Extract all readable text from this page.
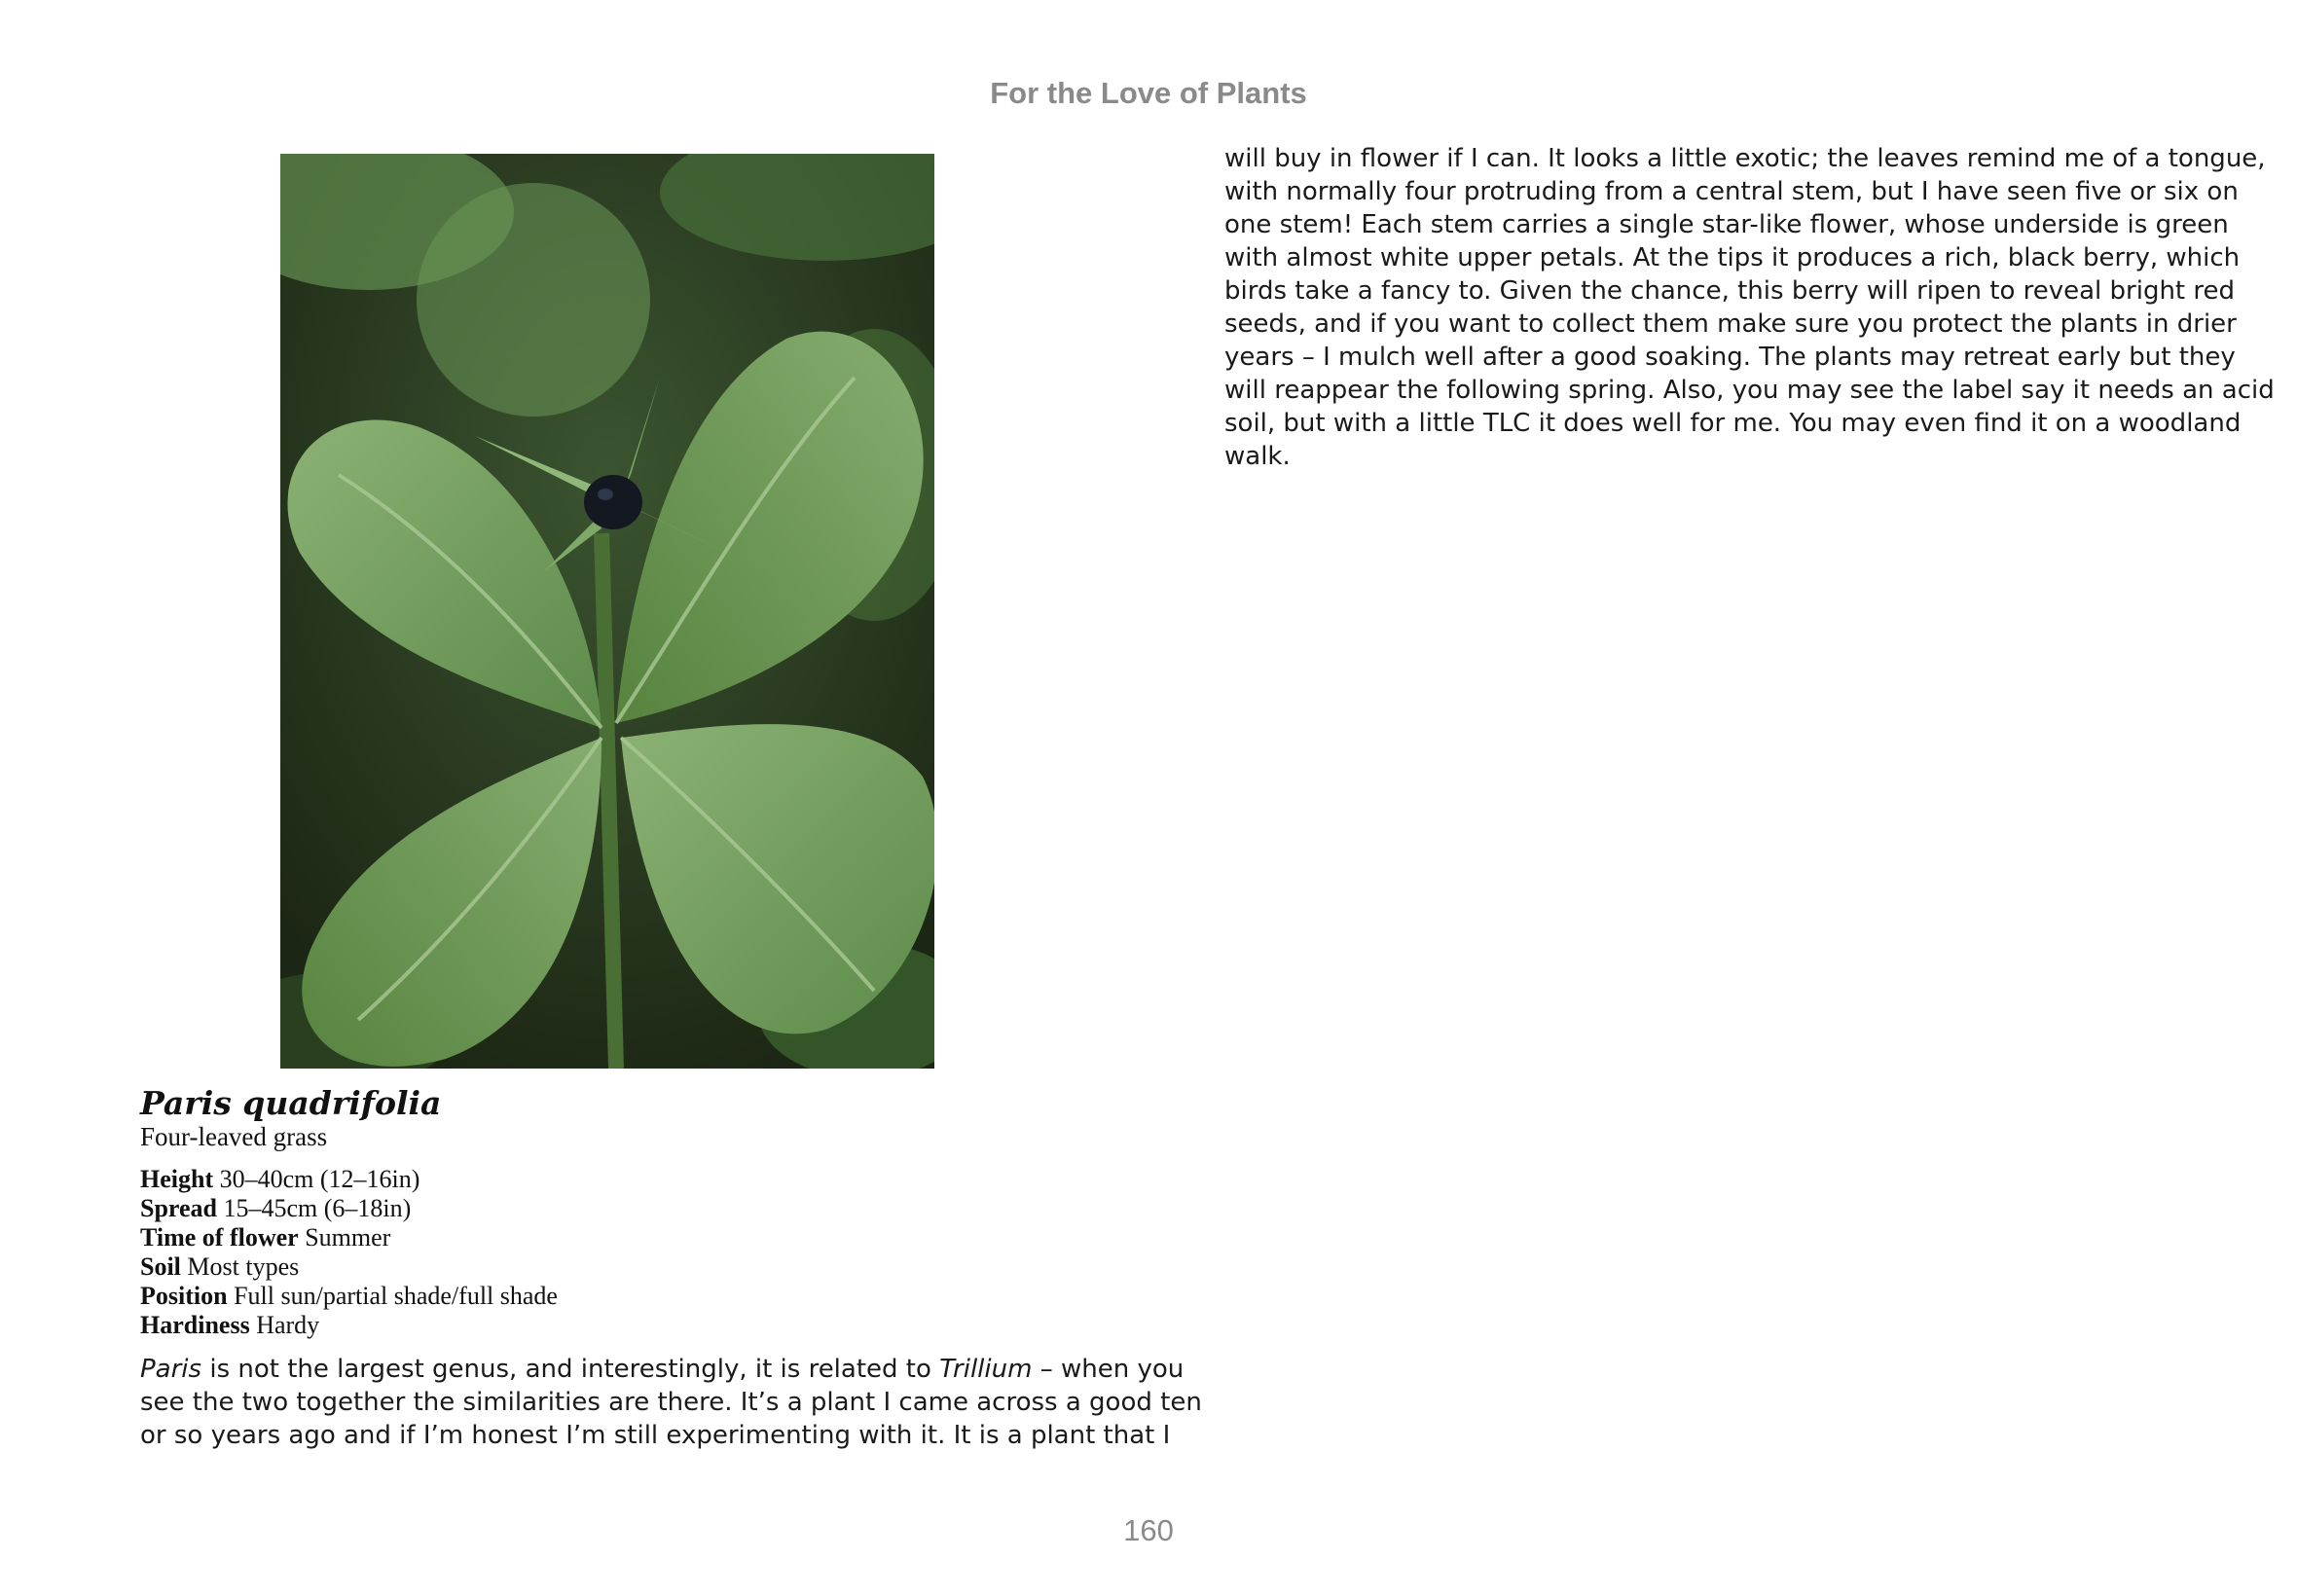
For the Love of Plants
Paris quadrifolia
Four-leaved grass
Height 30–40cm (12–16in)
Spread 15–45cm (6–18in)
Time of flower Summer
Soil Most types
Position Full sun/partial shade/full shade
Hardiness Hardy

Paris is not the largest genus, and interestingly, it is related to Trillium – when you
see the two together the similarities are there. It’s a plant I came across a good ten
or so years ago and if I’m honest I’m still experimenting with it. It is a plant that I

will buy in flower if I can. It looks a little exotic; the leaves remind me of a tongue,
with normally four protruding from a central stem, but I have seen five or six on
one stem! Each stem carries a single star-like flower, whose underside is green
with almost white upper petals. At the tips it produces a rich, black berry, which
birds take a fancy to. Given the chance, this berry will ripen to reveal bright red
seeds, and if you want to collect them make sure you protect the plants in drier
years – I mulch well after a good soaking. The plants may retreat early but they
will reappear the following spring. Also, you may see the label say it needs an acid
soil, but with a little TLC it does well for me. You may even find it on a woodland
walk.

160
